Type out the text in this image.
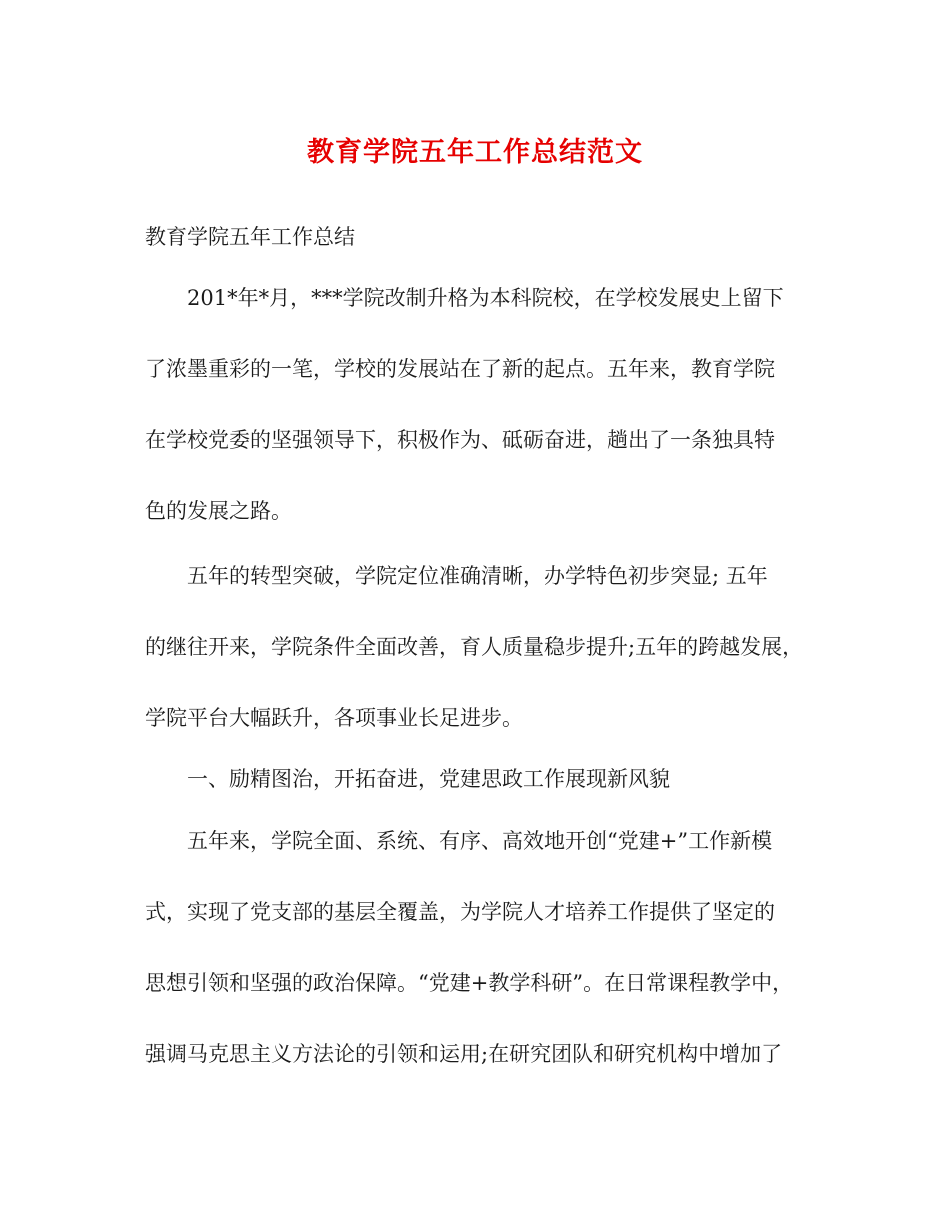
教育学院五年工作总结范文

教育学院五年工作总结

201*年*月，***学院改制升格为本科院校，在学校发展史上留下

了浓墨重彩的一笔，学校的发展站在了新的起点。五年来，教育学院

在学校党委的坚强领导下，积极作为、砥砺奋进，趟出了一条独具特

色的发展之路。

五年的转型突破，学院定位准确清晰，办学特色初步突显; 五年

的继往开来，学院条件全面改善，育人质量稳步提升;五年的跨越发展，

学院平台大幅跃升，各项事业长足进步。

一、励精图治，开拓奋进，党建思政工作展现新风貌

五年来，学院全面、系统、有序、高效地开创“党建+”工作新模

式，实现了党支部的基层全覆盖，为学院人才培养工作提供了坚定的

思想引领和坚强的政治保障。“党建+教学科研”。在日常课程教学中，

强调马克思主义方法论的引领和运用;在研究团队和研究机构中增加了
